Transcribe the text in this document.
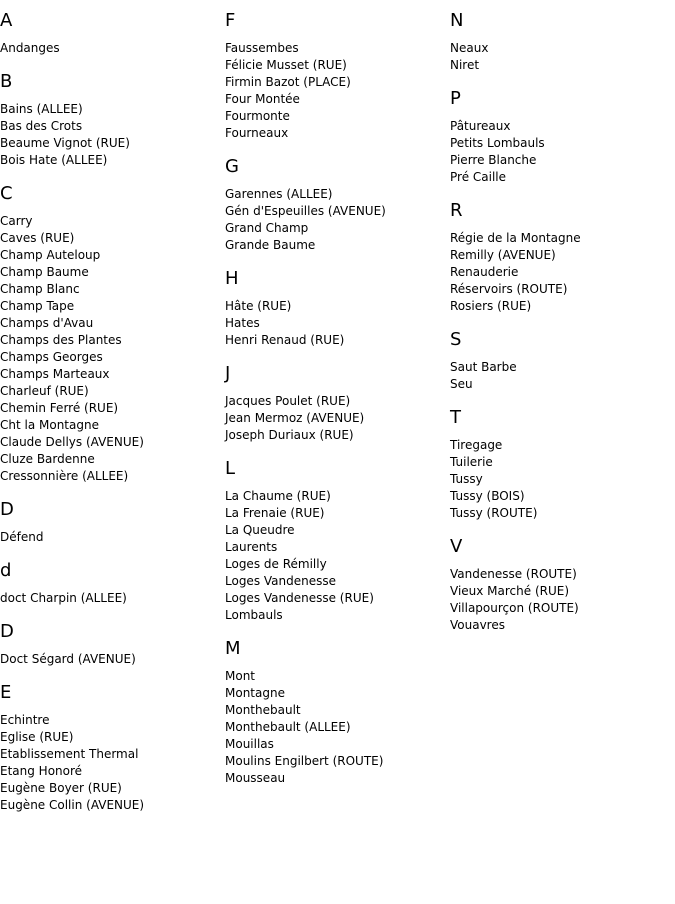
A
Andanges
B
Bains (ALLEE)
Bas des Crots
Beaume Vignot (RUE)
Bois Hate (ALLEE)
C
Carry
Caves (RUE)
Champ Auteloup
Champ Baume
Champ Blanc
Champ Tape
Champs d'Avau
Champs des Plantes
Champs Georges
Champs Marteaux
Charleuf (RUE)
Chemin Ferré (RUE)
Cht la Montagne
Claude Dellys (AVENUE)
Cluze Bardenne
Cressonnière (ALLEE)
D
Défend
d
doct Charpin (ALLEE)
D
Doct Ségard (AVENUE)
E
Echintre
Eglise (RUE)
Etablissement Thermal
Etang Honoré
Eugène Boyer (RUE)
Eugène Collin (AVENUE)
F
Faussembes
Félicie Musset (RUE)
Firmin Bazot (PLACE)
Four Montée
Fourmonte
Fourneaux
G
Garennes (ALLEE)
Gén d'Espeuilles (AVENUE)
Grand Champ
Grande Baume
H
Hâte (RUE)
Hates
Henri Renaud (RUE)
J
Jacques Poulet (RUE)
Jean Mermoz (AVENUE)
Joseph Duriaux (RUE)
L
La Chaume (RUE)
La Frenaie (RUE)
La Queudre
Laurents
Loges de Rémilly
Loges Vandenesse
Loges Vandenesse (RUE)
Lombauls
M
Mont
Montagne
Monthebault
Monthebault (ALLEE)
Mouillas
Moulins Engilbert (ROUTE)
Mousseau
N
Neaux
Niret
P
Pâtureaux
Petits Lombauls
Pierre Blanche
Pré Caille
R
Régie de la Montagne
Remilly (AVENUE)
Renauderie
Réservoirs (ROUTE)
Rosiers (RUE)
S
Saut Barbe
Seu
T
Tiregage
Tuilerie
Tussy
Tussy (BOIS)
Tussy (ROUTE)
V
Vandenesse (ROUTE)
Vieux Marché (RUE)
Villapourçon (ROUTE)
Vouavres
